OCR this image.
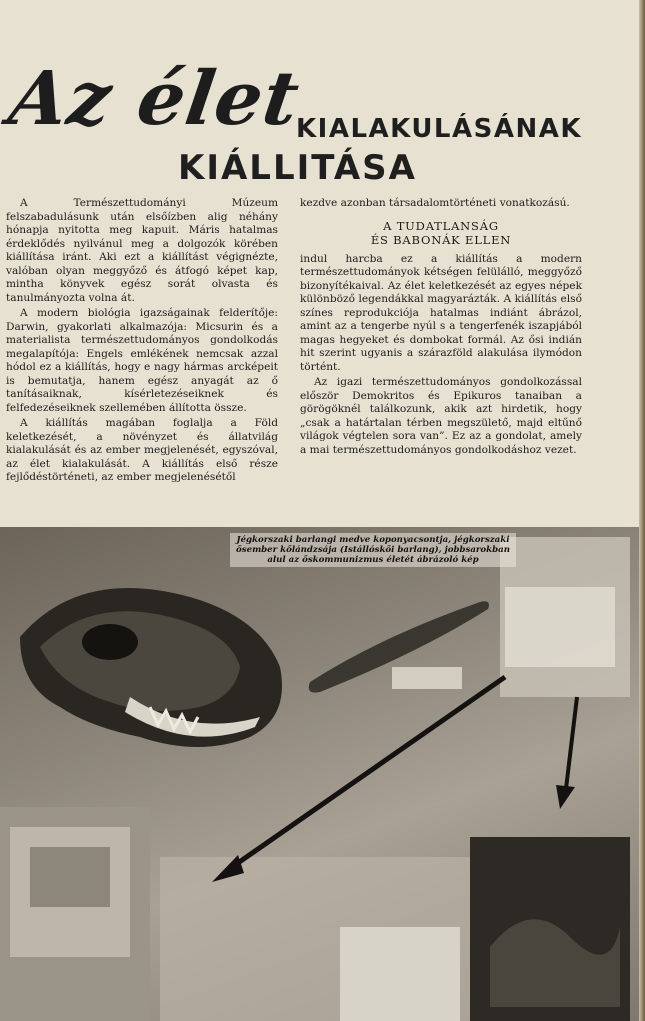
Az élet
KIALAKULÁSÁNAK
KIÁLLITÁSA

A Természettudományi Múzeum felszabadulásunk után elsőízben alig néhány hónapja nyitotta meg kapuit. Máris hatalmas érdeklődés nyilvánul meg a dolgozók körében kiállítása iránt. Aki ezt a kiállítást végignézte, valóban olyan meggyőző és átfogó képet kap, mintha könyvek egész sorát olvasta és tanulmányozta volna át.

A modern biológia igazságainak felderítője: Darwin, gyakorlati alkalmazója: Micsurin és a materialista természettudományos gondolkodás megalapítója: Engels emlékének nemcsak azzal hódol ez a kiállítás, hogy e nagy hármas arcképeit is bemutatja, hanem egész anyagát az ő tanításaiknak, kísérletezéseiknek és felfedezéseiknek szellemében állította össze.

A kiállítás magában foglalja a Föld keletkezését, a növényzet és állatvilág kialakulását és az ember megjelenését, egyszóval, az élet kialakulását. A kiállítás első része fejlődéstörténeti, az ember megjelenésétől

kezdve azonban társadalomtörténeti vonatkozású.

A TUDATLANSÁG
ÉS BABONÁK ELLEN

indul harcba ez a kiállítás a modern természettudományok kétségen felülálló, meggyőző bizonyítékaival. Az élet keletkezését az egyes népek különböző legendákkal magyarázták. A kiállítás első színes reprodukciója hatalmas indiánt ábrázol, amint az a tengerbe nyúl s a tengerfenék iszapjából magas hegyeket és dombokat formál. Az ősi indián hit szerint ugyanis a szárazföld alakulása ilymódon történt.

Az igazi természettudományos gondolkozással először Demokritos és Epikuros tanaiban a görögöknél találkozunk, akik azt hirdetik, hogy „csak a határtalan térben megszülető, majd eltűnő világok végtelen sora van”. Ez az a gondolat, amely a mai természettudományos gondolkodáshoz vezet.

Jégkorszaki barlangi medve koponyacsontja, jégkorszaki ősember kőlándzsája (Istállóskői barlang), jobbsarokban alul az őskommunizmus életét ábrázoló kép
